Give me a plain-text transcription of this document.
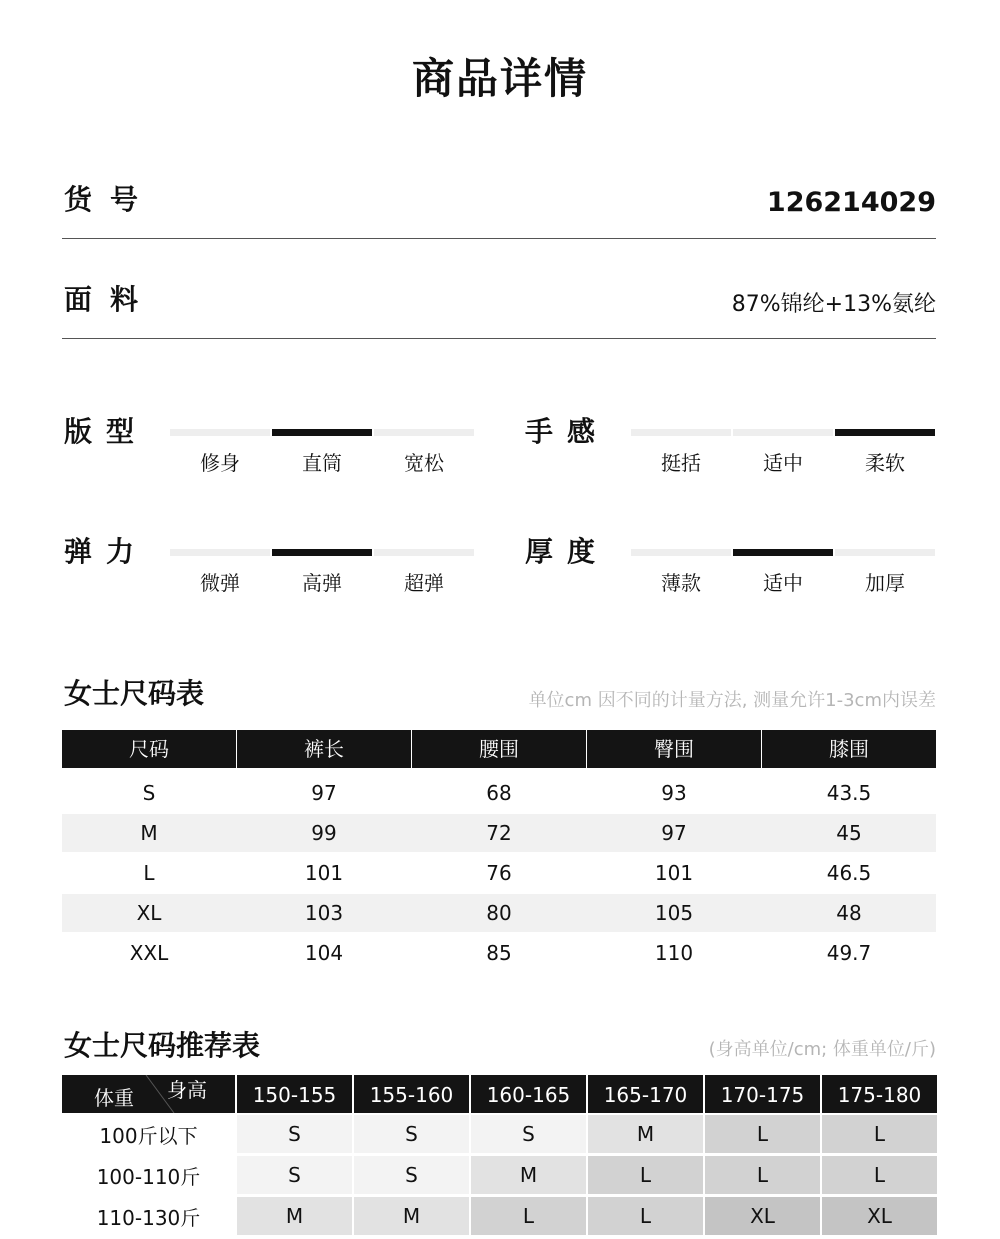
商品详情
货号	126214029
面料	87%锦纶+13%氨纶
版型
修身	直筒	宽松
手感
挺括	适中	柔软
弹力
微弹	高弹	超弹
厚度
薄款	适中	加厚
女士尺码表	单位cm 因不同的计量方法, 测量允许1-3cm内误差
尺码	裤长	腰围	臀围	膝围
S	97	68	93	43.5
M	99	72	97	45
L	101	76	101	46.5
XL	103	80	105	48
XXL	104	85	110	49.7
女士尺码推荐表	(身高单位/cm; 体重单位/斤)
体重 身高	150-155	155-160	160-165	165-170	170-175	175-180
100斤以下	S	S	S	M	L	L
100-110斤	S	S	M	L	L	L
110-130斤	M	M	L	L	XL	XL
